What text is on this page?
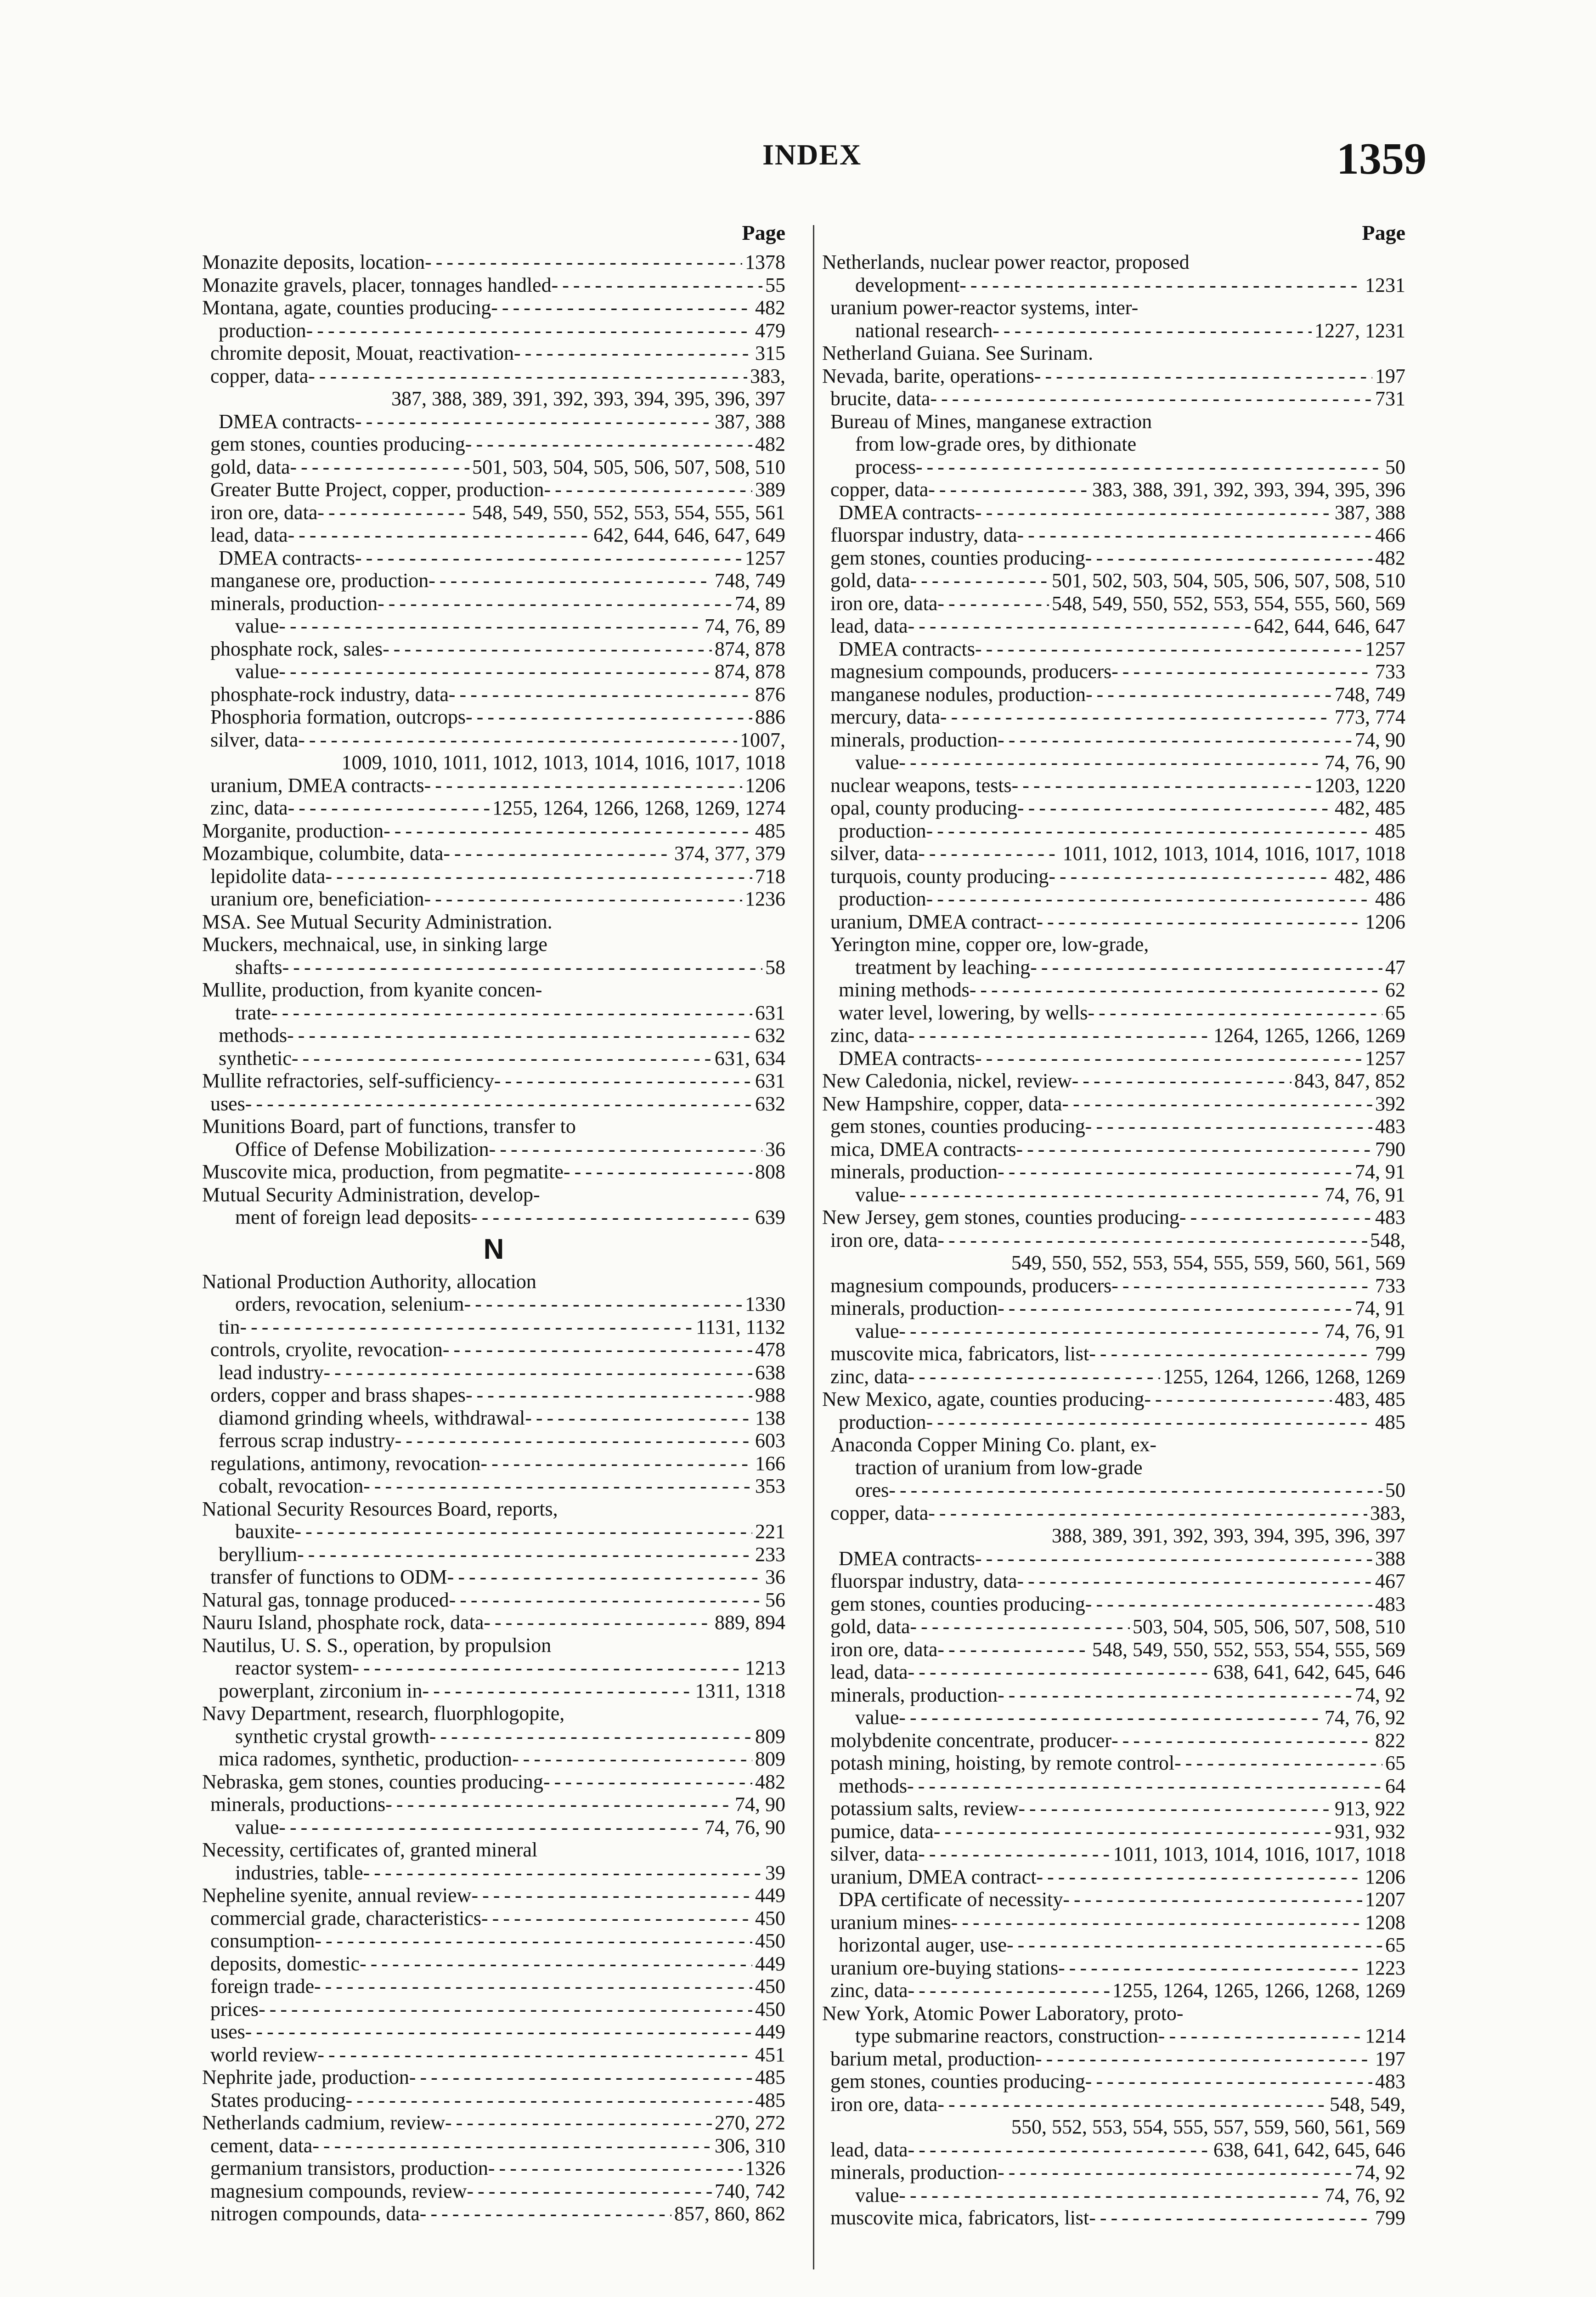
INDEX	1359
Page
Monazite deposits, location - - -	1378
Monazite gravels, placer, tonnages handled - - -	55
Montana, agate, counties producing - - -	482
production - - -	479
chromite deposit, Mouat, reactivation - - -	315
copper, data - - -	383,
387, 388, 389, 391, 392, 393, 394, 395, 396, 397
DMEA contracts - - -	387, 388
gem stones, counties producing - - -	482
gold, data - - -	501, 503, 504, 505, 506, 507, 508, 510
Greater Butte Project, copper, production - - -	389
iron ore, data - - -	548, 549, 550, 552, 553, 554, 555, 561
lead, data - - -	642, 644, 646, 647, 649
DMEA contracts - - -	1257
manganese ore, production - - -	748, 749
minerals, production - - -	74, 89
value - - -	74, 76, 89
phosphate rock, sales - - -	874, 878
value - - -	874, 878
phosphate-rock industry, data - - -	876
Phosphoria formation, outcrops - - -	886
silver, data - - -	1007,
1009, 1010, 1011, 1012, 1013, 1014, 1016, 1017, 1018
uranium, DMEA contracts - - -	1206
zinc, data - - -	1255, 1264, 1266, 1268, 1269, 1274
Morganite, production - - -	485
Mozambique, columbite, data - - -	374, 377, 379
lepidolite data - - -	718
uranium ore, beneficiation - - -	1236
MSA. See Mutual Security Administration.
Muckers, mechnaical, use, in sinking large
shafts - - -	58
Mullite, production, from kyanite concen-
trate - - -	631
methods - - -	632
synthetic - - -	631, 634
Mullite refractories, self-sufficiency - - -	631
uses - - -	632
Munitions Board, part of functions, transfer to
Office of Defense Mobilization - - -	36
Muscovite mica, production, from pegmatite - - -	808
Mutual Security Administration, develop-
ment of foreign lead deposits - - -	639
N
National Production Authority, allocation
orders, revocation, selenium - - -	1330
tin - - -	1131, 1132
controls, cryolite, revocation - - -	478
lead industry - - -	638
orders, copper and brass shapes - - -	988
diamond grinding wheels, withdrawal - - -	138
ferrous scrap industry - - -	603
regulations, antimony, revocation - - -	166
cobalt, revocation - - -	353
National Security Resources Board, reports,
bauxite - - -	221
beryllium - - -	233
transfer of functions to ODM - - -	36
Natural gas, tonnage produced - - -	56
Nauru Island, phosphate rock, data - - -	889, 894
Nautilus, U. S. S., operation, by propulsion
reactor system - - -	1213
powerplant, zirconium in - - -	1311, 1318
Navy Department, research, fluorphlogopite,
synthetic crystal growth - - -	809
mica radomes, synthetic, production - - -	809
Nebraska, gem stones, counties producing - - -	482
minerals, productions - - -	74, 90
value - - -	74, 76, 90
Necessity, certificates of, granted mineral
industries, table - - -	39
Nepheline syenite, annual review - - -	449
commercial grade, characteristics - - -	450
consumption - - -	450
deposits, domestic - - -	449
foreign trade - - -	450
prices - - -	450
uses - - -	449
world review - - -	451
Nephrite jade, production - - -	485
States producing - - -	485
Netherlands cadmium, review - - -	270, 272
cement, data - - -	306, 310
germanium transistors, production - - -	1326
magnesium compounds, review - - -	740, 742
nitrogen compounds, data - - -	857, 860, 862
Page
Netherlands, nuclear power reactor, proposed
development - - -	1231
uranium power-reactor systems, inter-
national research - - -	1227, 1231
Netherland Guiana. See Surinam.
Nevada, barite, operations - - -	197
brucite, data - - -	731
Bureau of Mines, manganese extraction
from low-grade ores, by dithionate
process - - -	50
copper, data - - -	383, 388, 391, 392, 393, 394, 395, 396
DMEA contracts - - -	387, 388
fluorspar industry, data - - -	466
gem stones, counties producing - - -	482
gold, data - - -	501, 502, 503, 504, 505, 506, 507, 508, 510
iron ore, data - - -	548, 549, 550, 552, 553, 554, 555, 560, 569
lead, data - - -	642, 644, 646, 647
DMEA contracts - - -	1257
magnesium compounds, producers - - -	733
manganese nodules, production - - -	748, 749
mercury, data - - -	773, 774
minerals, production - - -	74, 90
value - - -	74, 76, 90
nuclear weapons, tests - - -	1203, 1220
opal, county producing - - -	482, 485
production - - -	485
silver, data - - -	1011, 1012, 1013, 1014, 1016, 1017, 1018
turquois, county producing - - -	482, 486
production - - -	486
uranium, DMEA contract - - -	1206
Yerington mine, copper ore, low-grade,
treatment by leaching - - -	47
mining methods - - -	62
water level, lowering, by wells - - -	65
zinc, data - - -	1264, 1265, 1266, 1269
DMEA contracts - - -	1257
New Caledonia, nickel, review - - -	843, 847, 852
New Hampshire, copper, data - - -	392
gem stones, counties producing - - -	483
mica, DMEA contracts - - -	790
minerals, production - - -	74, 91
value - - -	74, 76, 91
New Jersey, gem stones, counties producing - - -	483
iron ore, data - - -	548,
549, 550, 552, 553, 554, 555, 559, 560, 561, 569
magnesium compounds, producers - - -	733
minerals, production - - -	74, 91
value - - -	74, 76, 91
muscovite mica, fabricators, list - - -	799
zinc, data - - -	1255, 1264, 1266, 1268, 1269
New Mexico, agate, counties producing - - -	483, 485
production - - -	485
Anaconda Copper Mining Co. plant, ex-
traction of uranium from low-grade
ores - - -	50
copper, data - - -	383,
388, 389, 391, 392, 393, 394, 395, 396, 397
DMEA contracts - - -	388
fluorspar industry, data - - -	467
gem stones, counties producing - - -	483
gold, data - - -	503, 504, 505, 506, 507, 508, 510
iron ore, data - - -	548, 549, 550, 552, 553, 554, 555, 569
lead, data - - -	638, 641, 642, 645, 646
minerals, production - - -	74, 92
value - - -	74, 76, 92
molybdenite concentrate, producer - - -	822
potash mining, hoisting, by remote control - - -	65
methods - - -	64
potassium salts, review - - -	913, 922
pumice, data - - -	931, 932
silver, data - - -	1011, 1013, 1014, 1016, 1017, 1018
uranium, DMEA contract - - -	1206
DPA certificate of necessity - - -	1207
uranium mines - - -	1208
horizontal auger, use - - -	65
uranium ore-buying stations - - -	1223
zinc, data - - -	1255, 1264, 1265, 1266, 1268, 1269
New York, Atomic Power Laboratory, proto-
type submarine reactors, construction - - -	1214
barium metal, production - - -	197
gem stones, counties producing - - -	483
iron ore, data - - -	548, 549,
550, 552, 553, 554, 555, 557, 559, 560, 561, 569
lead, data - - -	638, 641, 642, 645, 646
minerals, production - - -	74, 92
value - - -	74, 76, 92
muscovite mica, fabricators, list - - -	799
